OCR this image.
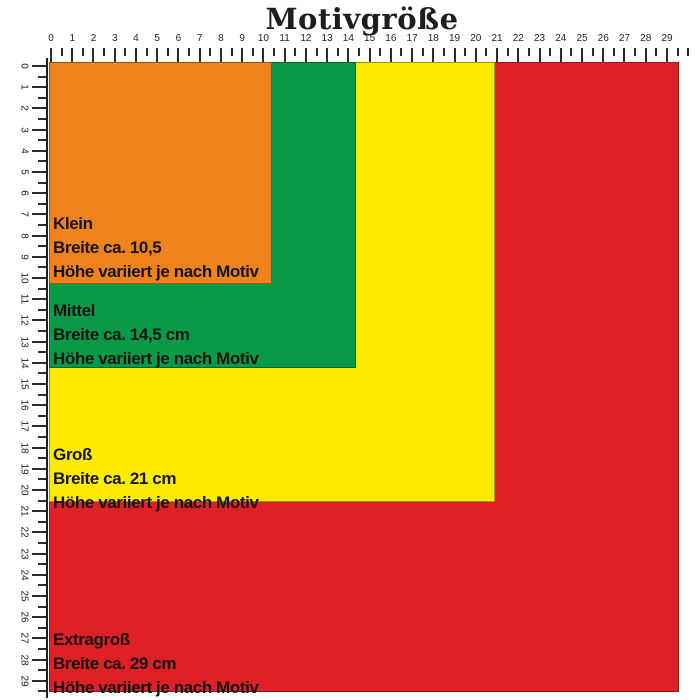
Motivgröße
0 1 2 3 4 5 6 7 8 9 10 11 12 13 14 15 16 17 18 19 20 21 22 23 24 25 26 27 28 29
0
1
2
3
4
5
6
7
8
9
10
11
12
13
14
15
16
17
18
19
20
21
22
23
24
25
26
27
28
29
Klein
Breite ca. 10,5
Höhe variiert je nach Motiv
Mittel
Breite ca. 14,5 cm
Höhe variiert je nach Motiv
Groß
Breite ca. 21 cm
Höhe variiert je nach Motiv
Extragroß
Breite ca. 29 cm
Höhe variiert je nach Motiv
